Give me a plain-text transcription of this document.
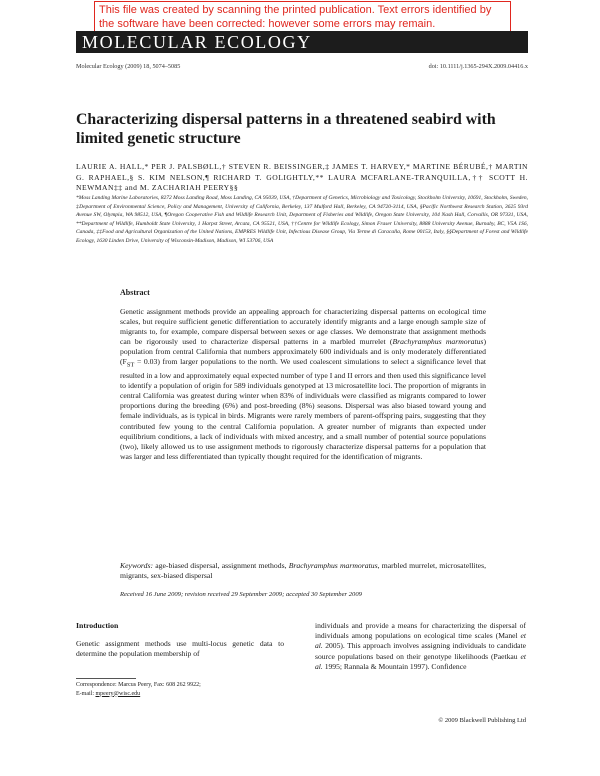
This file was created by scanning the printed publication. Text errors identified by the software have been corrected: however some errors may remain.
MOLECULAR ECOLOGY
Molecular Ecology (2009) 18, 5074–5085	doi: 10.1111/j.1365-294X.2009.04416.x
Characterizing dispersal patterns in a threatened seabird with limited genetic structure

LAURIE A. HALL,* PER J. PALSBØLL,† STEVEN R. BEISSINGER,‡ JAMES T. HARVEY,* MARTINE BÉRUBÉ,† MARTIN G. RAPHAEL,§ S. KIM NELSON,¶ RICHARD T. GOLIGHTLY,** LAURA MCFARLANE-TRANQUILLA,†† SCOTT H. NEWMAN‡‡ and M. ZACHARIAH PEERY§§

*Moss Landing Marine Laboratories, 8272 Moss Landing Road, Moss Landing, CA 95039, USA, †Department of Genetics, Microbiology and Toxicology, Stockholm University, 10691, Stockholm, Sweden, ‡Department of Environmental Science, Policy and Management, University of California, Berkeley, 137 Mulford Hall, Berkeley, CA 94720-3114, USA, §Pacific Northwest Research Station, 3625 93rd Avenue SW, Olympia, WA 98512, USA, ¶Oregon Cooperative Fish and Wildlife Research Unit, Department of Fisheries and Wildlife, Oregon State University, 104 Nash Hall, Corvallis, OR 97331, USA, **Department of Wildlife, Humboldt State University, 1 Harpst Street, Arcata, CA 95521, USA, ††Centre for Wildlife Ecology, Simon Fraser University, 8888 University Avenue, Burnaby, BC, V5A 1S6, Canada, ‡‡Food and Agricultural Organization of the United Nations, EMPRES Wildlife Unit, Infectious Disease Group, Via Terme di Caracalla, Rome 00153, Italy, §§Department of Forest and Wildlife Ecology, 1630 Linden Drive, University of Wisconsin-Madison, Madison, WI 53706, USA

Abstract

Genetic assignment methods provide an appealing approach for characterizing dispersal patterns on ecological time scales, but require sufficient genetic differentiation to accurately identify migrants and a large enough sample size of migrants to, for example, compare dispersal between sexes or age classes. We demonstrate that assignment methods can be rigorously used to characterize dispersal patterns in a marbled murrelet (Brachyramphus marmoratus) population from central California that numbers approximately 600 individuals and is only moderately differentiated $(F_{ST} = 0.03)$ from larger populations to the north. We used coalescent simulations to select a significance level that resulted in a low and approximately equal expected number of type I and II errors and then used this significance level to identify a population of origin for 589 individuals genotyped at 13 microsatellite loci. The proportion of migrants in central California was greatest during winter when 83% of individuals were classified as migrants compared to lower proportions during the breeding (6%) and post-breeding (8%) seasons. Dispersal was also biased toward young and female individuals, as is typical in birds. Migrants were rarely members of parent-offspring pairs, suggesting that they contributed few young to the central California population. A greater number of migrants than expected under equilibrium conditions, a lack of individuals with mixed ancestry, and a small number of potential source populations (two), likely allowed us to use assignment methods to rigorously characterize dispersal patterns for a population that was larger and less differentiated than typically thought required for the identification of migrants.

Keywords: age-biased dispersal, assignment methods, Brachyramphus marmoratus, marbled murrelet, microsatellites, migrants, sex-biased dispersal

Received 16 June 2009; revision received 29 September 2009; accepted 30 September 2009

Introduction

Genetic assignment methods use multi-locus genetic data to determine the population membership of

Correspondence: Marcus Peery, Fax: 608 262 9922;
E-mail: mpeery@wisc.edu

individuals and provide a means for characterizing the dispersal of individuals among populations on ecological time scales (Manel et al. 2005). This approach involves assigning individuals to candidate source populations based on their genotype likelihoods (Paetkau et al. 1995; Rannala & Mountain 1997). Confidence

© 2009 Blackwell Publishing Ltd
